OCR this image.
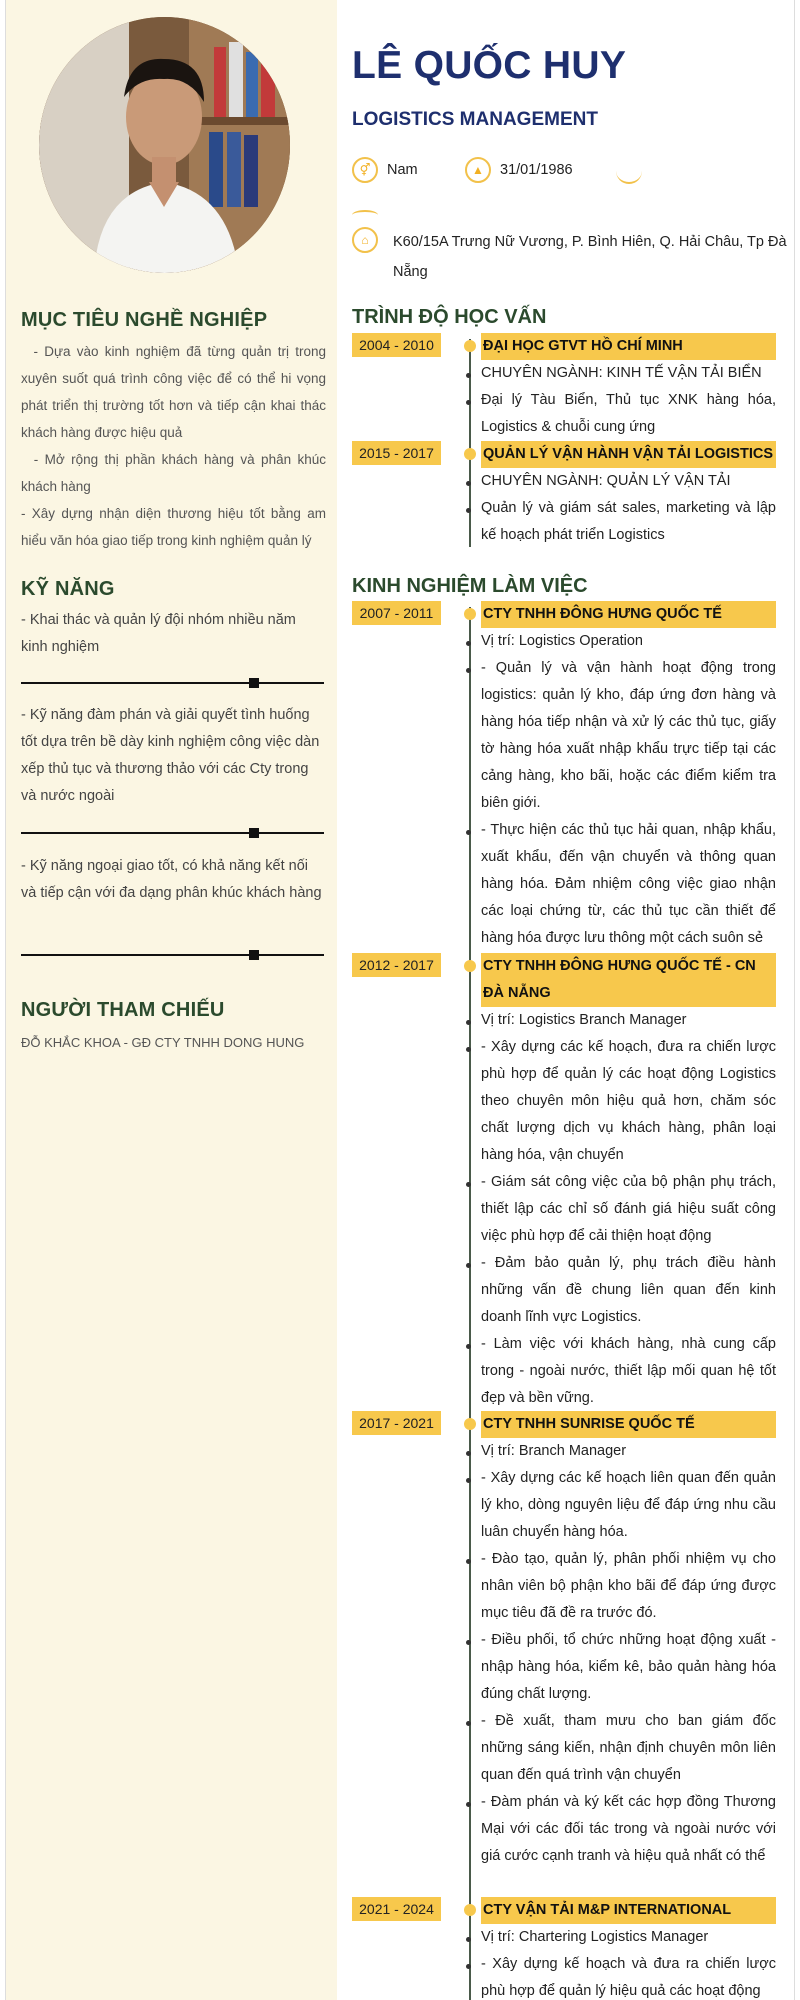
MỤC TIÊU NGHỀ NGHIỆP

- Dựa vào kinh nghiệm đã từng quản trị trong xuyên suốt quá trình công việc để có thể hi vọng phát triển thị trường tốt hơn và tiếp cận khai thác khách hàng được hiệu quả

- Mở rộng thị phần khách hàng và phân khúc khách hàng

- Xây dựng nhận diện thương hiệu tốt bằng am hiểu văn hóa giao tiếp trong kinh nghiệm quản lý

KỸ NĂNG
- Khai thác và quản lý đội nhóm nhiều năm kinh nghiệm
- Kỹ năng đàm phán và giải quyết tình huống tốt dựa trên bề dày kinh nghiệm công việc dàn xếp thủ tục và thương thảo với các Cty trong và nước ngoài
- Kỹ năng ngoại giao tốt, có khả năng kết nối và tiếp cận với đa dạng phân khúc khách hàng
NGƯỜI THAM CHIẾU
ĐỖ KHẮC KHOA - GĐ CTY TNHH DONG HUNG
LÊ QUỐC HUY
LOGISTICS MANAGEMENT
⚥	Nam	▲	31/01/1986
⌂	K60/15A Trưng Nữ Vương, P. Bình Hiên, Q. Hải Châu, Tp Đà Nẵng
TRÌNH ĐỘ HỌC VẤN
2004 - 2010	ĐẠI HỌC GTVT HỒ CHÍ MINH

CHUYÊN NGÀNH: KINH TẾ VẬN TẢI BIỂN

Đại lý Tàu Biển, Thủ tục XNK hàng hóa, Logistics & chuỗi cung ứng

2015 - 2017	QUẢN LÝ VẬN HÀNH VẬN TẢI LOGISTICS

CHUYÊN NGÀNH: QUẢN LÝ VẬN TẢI

Quản lý và giám sát sales, marketing và lập kế hoạch phát triển Logistics

KINH NGHIỆM LÀM VIỆC
2007 - 2011	CTY TNHH ĐÔNG HƯNG QUỐC TẾ

Vị trí: Logistics Operation

- Quản lý và vận hành hoạt động trong logistics: quản lý kho, đáp ứng đơn hàng và hàng hóa tiếp nhận và xử lý các thủ tục, giấy tờ hàng hóa xuất nhập khẩu trực tiếp tại các cảng hàng, kho bãi, hoặc các điểm kiểm tra biên giới.

- Thực hiện các thủ tục hải quan, nhập khẩu, xuất khẩu, đến vận chuyển và thông quan hàng hóa. Đảm nhiệm công việc giao nhận các loại chứng từ, các thủ tục cần thiết để hàng hóa được lưu thông một cách suôn sẻ

2012 - 2017	CTY TNHH ĐÔNG HƯNG QUỐC TẾ - CN ĐÀ NẴNG

Vị trí: Logistics Branch Manager

- Xây dựng các kế hoạch, đưa ra chiến lược phù hợp để quản lý các hoạt động Logistics theo chuyên môn hiệu quả hơn, chăm sóc chất lượng dịch vụ khách hàng, phân loại hàng hóa, vận chuyển

- Giám sát công việc của bộ phận phụ trách, thiết lập các chỉ số đánh giá hiệu suất công việc phù hợp để cải thiện hoạt động

- Đảm bảo quản lý, phụ trách điều hành những vấn đề chung liên quan đến kinh doanh lĩnh vực Logistics.

- Làm việc với khách hàng, nhà cung cấp trong - ngoài nước, thiết lập mối quan hệ tốt đẹp và bền vững.

2017 - 2021	CTY TNHH SUNRISE QUỐC TẾ

Vị trí: Branch Manager

- Xây dựng các kế hoạch liên quan đến quản lý kho, dòng nguyên liệu để đáp ứng nhu cầu luân chuyển hàng hóa.

- Đào tạo, quản lý, phân phối nhiệm vụ cho nhân viên bộ phận kho bãi để đáp ứng được mục tiêu đã đề ra trước đó.

- Điều phối, tổ chức những hoạt động xuất - nhập hàng hóa, kiểm kê, bảo quản hàng hóa đúng chất lượng.

- Đề xuất, tham mưu cho ban giám đốc những sáng kiến, nhận định chuyên môn liên quan đến quá trình vận chuyển

- Đàm phán và ký kết các hợp đồng Thương Mại với các đối tác trong và ngoài nước với giá cước cạnh tranh và hiệu quả nhất có thể

2021 - 2024	CTY VẬN TẢI M&P INTERNATIONAL

Vị trí: Chartering Logistics Manager

- Xây dựng kế hoạch và đưa ra chiến lược phù hợp để quản lý hiệu quả các hoạt động
